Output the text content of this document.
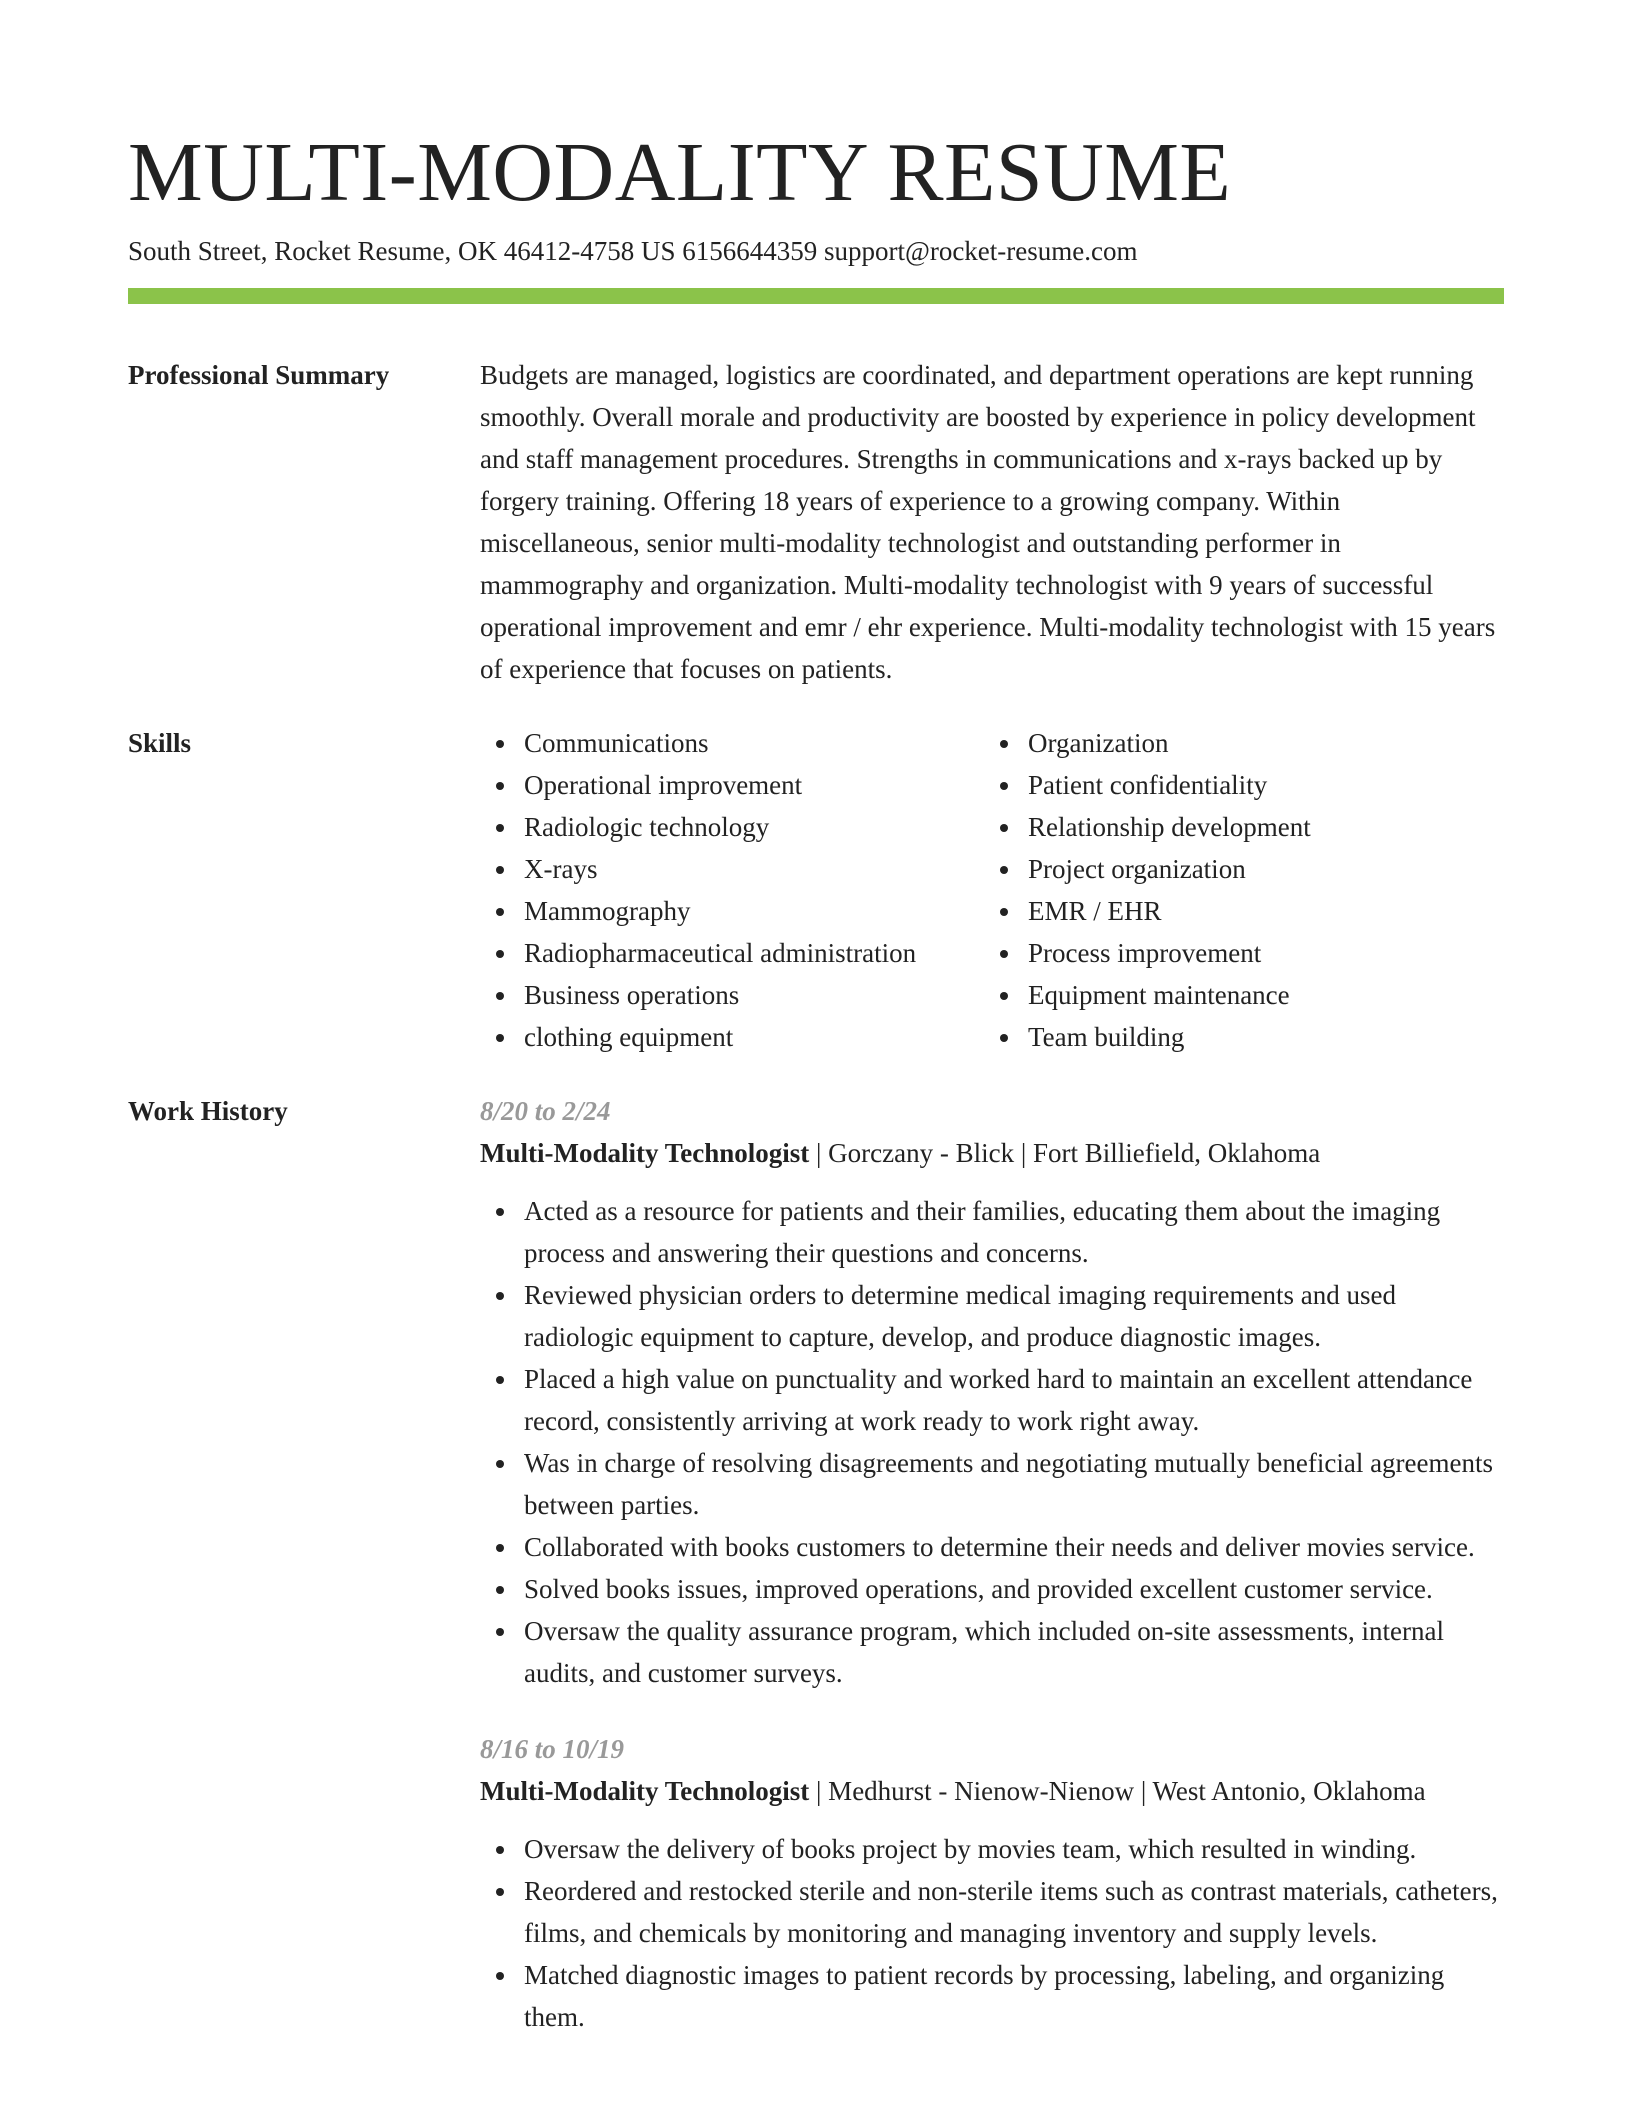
MULTI-MODALITY RESUME
South Street, Rocket Resume, OK 46412-4758 US 6156644359 support@rocket-resume.com
Professional Summary	Budgets are managed, logistics are coordinated, and department operations are kept running smoothly. Overall morale and productivity are boosted by experience in policy development and staff management procedures. Strengths in communications and x-rays backed up by forgery training. Offering 18 years of experience to a growing company. Within miscellaneous, senior multi-modality technologist and outstanding performer in mammography and organization. Multi-modality technologist with 9 years of successful operational improvement and emr / ehr experience. Multi-modality technologist with 15 years of experience that focuses on patients.

Skills	Communications
Operational improvement
Radiologic technology
X-rays
Mammography
Radiopharmaceutical administration
Business operations
clothing equipment
Organization
Patient confidentiality
Relationship development
Project organization
EMR / EHR
Process improvement
Equipment maintenance
Team building
Work History	8/20 to 2/24
Multi-Modality Technologist | Gorczany - Blick | Fort Billiefield, Oklahoma
Acted as a resource for patients and their families, educating them about the imaging process and answering their questions and concerns.
Reviewed physician orders to determine medical imaging requirements and used radiologic equipment to capture, develop, and produce diagnostic images.
Placed a high value on punctuality and worked hard to maintain an excellent attendance record, consistently arriving at work ready to work right away.
Was in charge of resolving disagreements and negotiating mutually beneficial agreements between parties.
Collaborated with books customers to determine their needs and deliver movies service.
Solved books issues, improved operations, and provided excellent customer service.
Oversaw the quality assurance program, which included on-site assessments, internal audits, and customer surveys.
8/16 to 10/19
Multi-Modality Technologist | Medhurst - Nienow-Nienow | West Antonio, Oklahoma
Oversaw the delivery of books project by movies team, which resulted in winding.
Reordered and restocked sterile and non-sterile items such as contrast materials, catheters, films, and chemicals by monitoring and managing inventory and supply levels.
Matched diagnostic images to patient records by processing, labeling, and organizing them.
